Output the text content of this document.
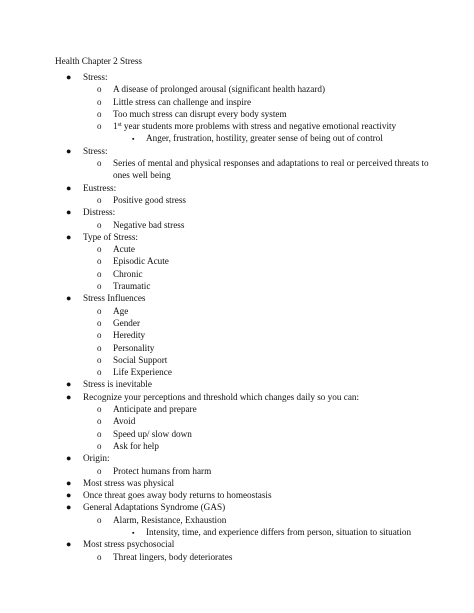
Health Chapter 2 Stress
● Stress:
o A disease of prolonged arousal (significant health hazard)
o Little stress can challenge and inspire
o Too much stress can disrupt every body system
o 1st year students more problems with stress and negative emotional reactivity
▪ Anger, frustration, hostility, greater sense of being out of control
● Stress:
o Series of mental and physical responses and adaptations to real or perceived threats to ones well being
● Eustress:
o Positive good stress
● Distress:
o Negative bad stress
● Type of Stress:
o Acute
o Episodic Acute
o Chronic
o Traumatic
● Stress Influences
o Age
o Gender
o Heredity
o Personality
o Social Support
o Life Experience
● Stress is inevitable
● Recognize your perceptions and threshold which changes daily so you can:
o Anticipate and prepare
o Avoid
o Speed up/ slow down
o Ask for help
● Origin:
o Protect humans from harm
● Most stress was physical
● Once threat goes away body returns to homeostasis
● General Adaptations Syndrome (GAS)
o Alarm, Resistance, Exhaustion
▪ Intensity, time, and experience differs from person, situation to situation
● Most stress psychosocial
o Threat lingers, body deteriorates
